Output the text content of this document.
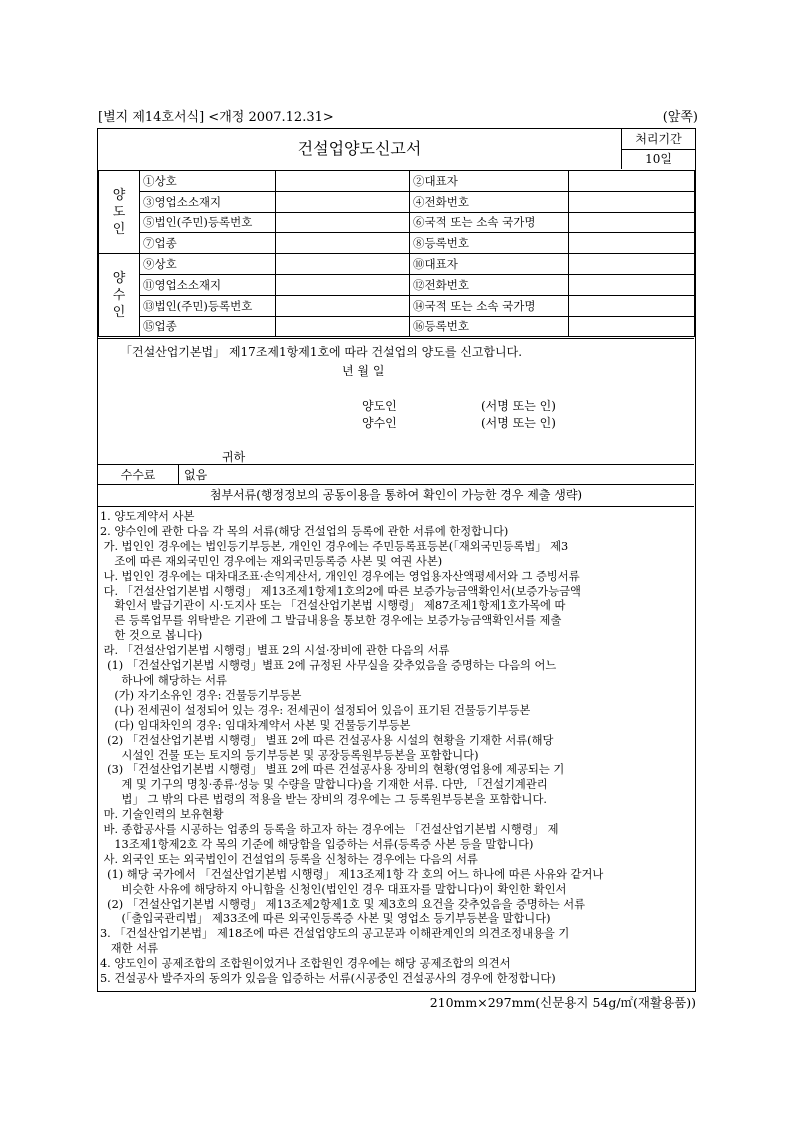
[별지 제14호서식] <개정 2007.12.31>	(앞쪽)
건설업양도신고서	처리기간
10일
양
도
인	①상호		②대표자	
	③영업소소재지		④전화번호	
	⑤법인(주민)등록번호		⑥국적 또는 소속 국가명	
	⑦업종		⑧등록번호	
양
수
인	⑨상호		⑩대표자	
	⑪영업소소재지		⑫전화번호	
	⑬법인(주민)등록번호		⑭국적 또는 소속 국가명	
	⑮업종		⑯등록번호	
「건설산업기본법」 제17조제1항제1호에 따라 건설업의 양도를 신고합니다.
년 월 일
양도인	(서명 또는 인)
양수인	(서명 또는 인)
귀하
수수료	없음
첨부서류(행정정보의 공동이용을 통하여 확인이 가능한 경우 제출 생략)
1. 양도계약서 사본
2. 양수인에 관한 다음 각 목의 서류(해당 건설업의 등록에 관한 서류에 한정합니다)
가. 법인인 경우에는 법인등기부등본, 개인인 경우에는 주민등록표등본(「재외국민등록법」 제3
조에 따른 재외국민인 경우에는 재외국민등록증 사본 및 여권 사본)
나. 법인인 경우에는 대차대조표·손익계산서, 개인인 경우에는 영업용자산액평세서와 그 증빙서류
다. 「건설산업기본법 시행령」 제13조제1항제1호의2에 따른 보증가능금액확인서(보증가능금액
확인서 발급기관이 시·도지사 또는 「건설산업기본법 시행령」 제87조제1항제1호가목에 따
른 등록업무를 위탁받은 기관에 그 발급내용을 통보한 경우에는 보증가능금액확인서를 제출
한 것으로 봅니다)
라. 「건설산업기본법 시행령」별표 2의 시설·장비에 관한 다음의 서류
(1) 「건설산업기본법 시행령」별표 2에 규정된 사무실을 갖추었음을 증명하는 다음의 어느
하나에 해당하는 서류
(가) 자기소유인 경우: 건물등기부등본
(나) 전세권이 설정되어 있는 경우: 전세권이 설정되어 있음이 표기된 건물등기부등본
(다) 임대차인의 경우: 임대차계약서 사본 및 건물등기부등본
(2) 「건설산업기본법 시행령」 별표 2에 따른 건설공사용 시설의 현황을 기재한 서류(해당
시설인 건물 또는 토지의 등기부등본 및 공장등록원부등본을 포함합니다)
(3) 「건설산업기본법 시행령」 별표 2에 따른 건설공사용 장비의 현황(영업용에 제공되는 기
계 및 기구의 명칭·종류·성능 및 수량을 말합니다)을 기재한 서류. 다만, 「건설기계관리
법」 그 밖의 다른 법령의 적용을 받는 장비의 경우에는 그 등록원부등본을 포함합니다.
마. 기술인력의 보유현황
바. 종합공사를 시공하는 업종의 등록을 하고자 하는 경우에는 「건설산업기본법 시행령」 제
13조제1항제2호 각 목의 기준에 해당함을 입증하는 서류(등록증 사본 등을 말합니다)
사. 외국인 또는 외국법인이 건설업의 등록을 신청하는 경우에는 다음의 서류
(1) 해당 국가에서 「건설산업기본법 시행령」 제13조제1항 각 호의 어느 하나에 따른 사유와 같거나
비슷한 사유에 해당하지 아니함을 신청인(법인인 경우 대표자를 말합니다)이 확인한 확인서
(2) 「건설산업기본법 시행령」 제13조제2항제1호 및 제3호의 요건을 갖추었음을 증명하는 서류
(「출입국관리법」 제33조에 따른 외국인등록증 사본 및 영업소 등기부등본을 말합니다)
3. 「건설산업기본법」 제18조에 따른 건설업양도의 공고문과 이해관계인의 의견조정내용을 기
재한 서류
4. 양도인이 공제조합의 조합원이었거나 조합원인 경우에는 해당 공제조합의 의견서
5. 건설공사 발주자의 동의가 있음을 입증하는 서류(시공중인 건설공사의 경우에 한정합니다)
210mm×297mm(신문용지 54g/㎡(재활용품))
